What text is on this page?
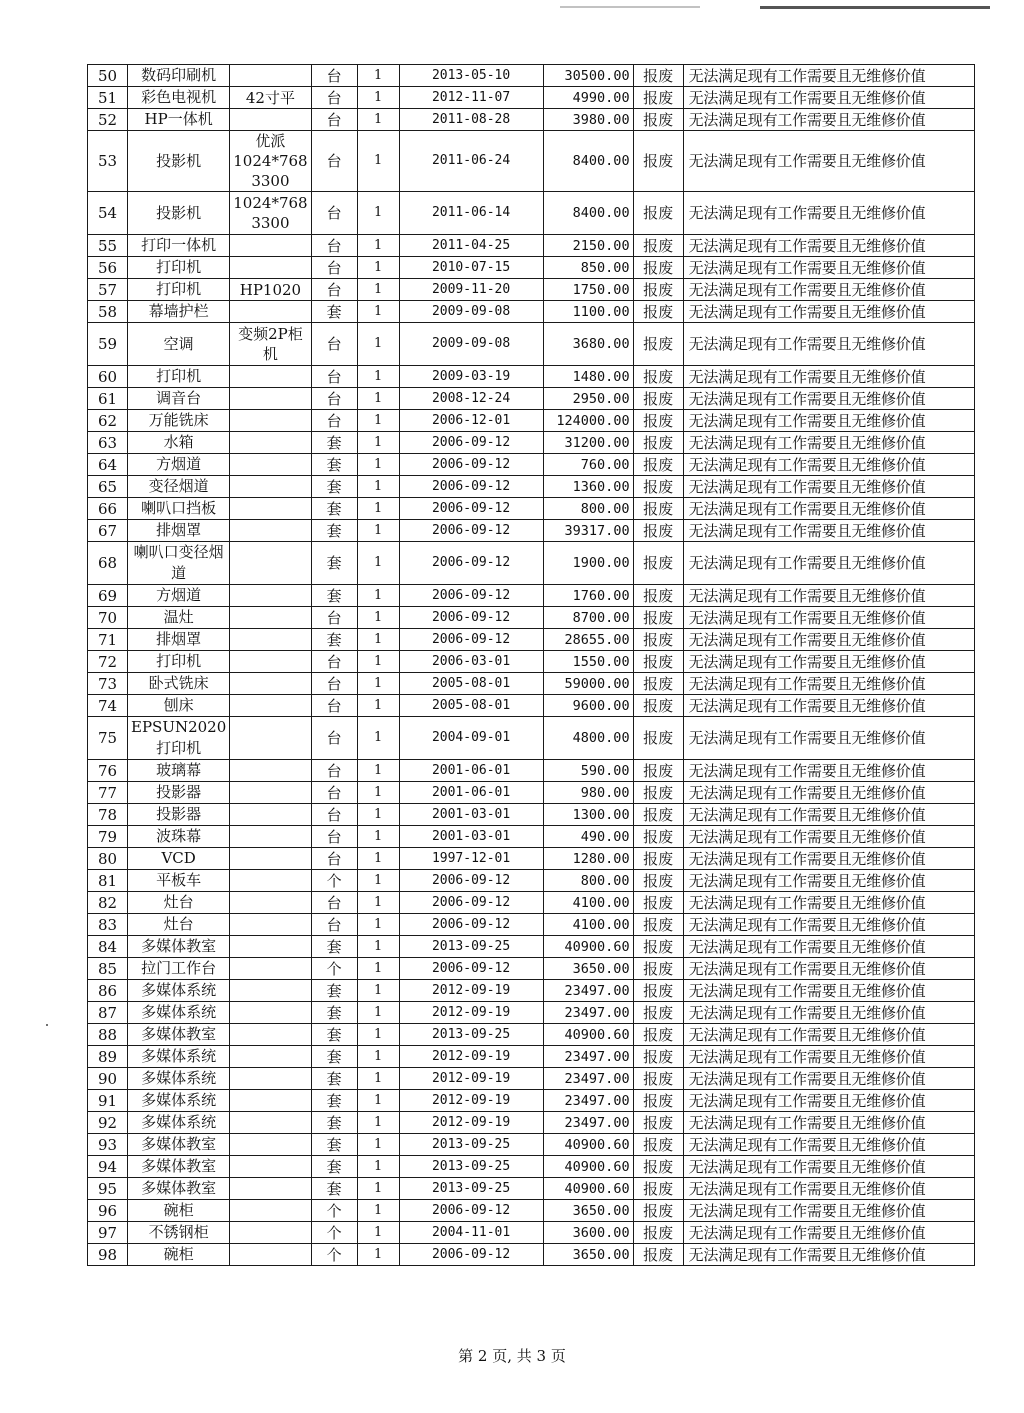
50	数码印刷机		台	1	2013-05-10	30500.00	报废	无法满足现有工作需要且无维修价值
51	彩色电视机	42寸平	台	1	2012-11-07	4990.00	报废	无法满足现有工作需要且无维修价值
52	HP一体机		台	1	2011-08-28	3980.00	报废	无法满足现有工作需要且无维修价值
53	投影机	优派1024*768 3300	台	1	2011-06-24	8400.00	报废	无法满足现有工作需要且无维修价值
54	投影机	1024*768 3300	台	1	2011-06-14	8400.00	报废	无法满足现有工作需要且无维修价值
55	打印一体机		台	1	2011-04-25	2150.00	报废	无法满足现有工作需要且无维修价值
56	打印机		台	1	2010-07-15	850.00	报废	无法满足现有工作需要且无维修价值
57	打印机	HP1020	台	1	2009-11-20	1750.00	报废	无法满足现有工作需要且无维修价值
58	幕墙护栏		套	1	2009-09-08	1100.00	报废	无法满足现有工作需要且无维修价值
59	空调	变频2P柜机	台	1	2009-09-08	3680.00	报废	无法满足现有工作需要且无维修价值
60	打印机		台	1	2009-03-19	1480.00	报废	无法满足现有工作需要且无维修价值
61	调音台		台	1	2008-12-24	2950.00	报废	无法满足现有工作需要且无维修价值
62	万能铣床		台	1	2006-12-01	124000.00	报废	无法满足现有工作需要且无维修价值
63	水箱		套	1	2006-09-12	31200.00	报废	无法满足现有工作需要且无维修价值
64	方烟道		套	1	2006-09-12	760.00	报废	无法满足现有工作需要且无维修价值
65	变径烟道		套	1	2006-09-12	1360.00	报废	无法满足现有工作需要且无维修价值
66	喇叭口挡板		套	1	2006-09-12	800.00	报废	无法满足现有工作需要且无维修价值
67	排烟罩		套	1	2006-09-12	39317.00	报废	无法满足现有工作需要且无维修价值
68	喇叭口变径烟道		套	1	2006-09-12	1900.00	报废	无法满足现有工作需要且无维修价值
69	方烟道		套	1	2006-09-12	1760.00	报废	无法满足现有工作需要且无维修价值
70	温灶		台	1	2006-09-12	8700.00	报废	无法满足现有工作需要且无维修价值
71	排烟罩		套	1	2006-09-12	28655.00	报废	无法满足现有工作需要且无维修价值
72	打印机		台	1	2006-03-01	1550.00	报废	无法满足现有工作需要且无维修价值
73	卧式铣床		台	1	2005-08-01	59000.00	报废	无法满足现有工作需要且无维修价值
74	刨床		台	1	2005-08-01	9600.00	报废	无法满足现有工作需要且无维修价值
75	EPSUN2020打印机		台	1	2004-09-01	4800.00	报废	无法满足现有工作需要且无维修价值
76	玻璃幕		台	1	2001-06-01	590.00	报废	无法满足现有工作需要且无维修价值
77	投影器		台	1	2001-06-01	980.00	报废	无法满足现有工作需要且无维修价值
78	投影器		台	1	2001-03-01	1300.00	报废	无法满足现有工作需要且无维修价值
79	波珠幕		台	1	2001-03-01	490.00	报废	无法满足现有工作需要且无维修价值
80	VCD		台	1	1997-12-01	1280.00	报废	无法满足现有工作需要且无维修价值
81	平板车		个	1	2006-09-12	800.00	报废	无法满足现有工作需要且无维修价值
82	灶台		台	1	2006-09-12	4100.00	报废	无法满足现有工作需要且无维修价值
83	灶台		台	1	2006-09-12	4100.00	报废	无法满足现有工作需要且无维修价值
84	多媒体教室		套	1	2013-09-25	40900.60	报废	无法满足现有工作需要且无维修价值
85	拉门工作台		个	1	2006-09-12	3650.00	报废	无法满足现有工作需要且无维修价值
86	多媒体系统		套	1	2012-09-19	23497.00	报废	无法满足现有工作需要且无维修价值
87	多媒体系统		套	1	2012-09-19	23497.00	报废	无法满足现有工作需要且无维修价值
88	多媒体教室		套	1	2013-09-25	40900.60	报废	无法满足现有工作需要且无维修价值
89	多媒体系统		套	1	2012-09-19	23497.00	报废	无法满足现有工作需要且无维修价值
90	多媒体系统		套	1	2012-09-19	23497.00	报废	无法满足现有工作需要且无维修价值
91	多媒体系统		套	1	2012-09-19	23497.00	报废	无法满足现有工作需要且无维修价值
92	多媒体系统		套	1	2012-09-19	23497.00	报废	无法满足现有工作需要且无维修价值
93	多媒体教室		套	1	2013-09-25	40900.60	报废	无法满足现有工作需要且无维修价值
94	多媒体教室		套	1	2013-09-25	40900.60	报废	无法满足现有工作需要且无维修价值
95	多媒体教室		套	1	2013-09-25	40900.60	报废	无法满足现有工作需要且无维修价值
96	碗柜		个	1	2006-09-12	3650.00	报废	无法满足现有工作需要且无维修价值
97	不锈钢柜		个	1	2004-11-01	3600.00	报废	无法满足现有工作需要且无维修价值
98	碗柜		个	1	2006-09-12	3650.00	报废	无法满足现有工作需要且无维修价值
第 2 页, 共 3 页
